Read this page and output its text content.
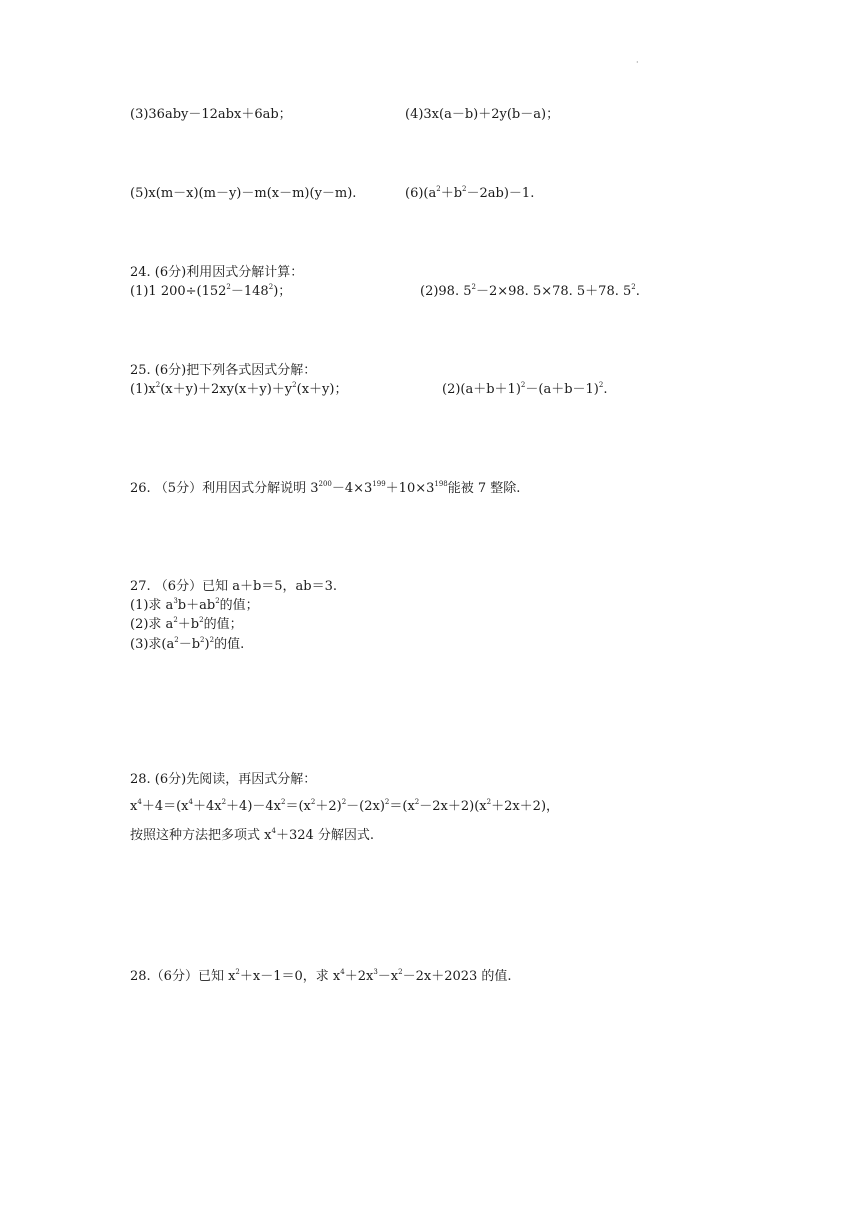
·
(3)36aby－12abx＋6ab；	(4)3x(a－b)＋2y(b－a)；
(5)x(m－x)(m－y)－m(x－m)(y－m).	$(6)(a^2+b^2-2ab)-1$.
24. (6分)利用因式分解计算：
(1)1 $200\div(152^2-148^2)$；	(2)98. $5^2-2\times 98$. 5×78. 5＋78. $5^2$.
25. (6分)把下列各式因式分解：
$(1)x^2(x+y)+2xy(x+y)+y^2(x+y)$；	$(2)(a+b+1)^2-(a+b-1)^2$.
26. （5分）利用因式分解说明 $3^{200}-4\times 3^{199}+10\times 3^{198}$能被 7 整除.
27. （6分）已知 a＋b＝5，ab＝3.
(1)求 $a^3b+ab^2$的值；
(2)求 $a^2+b^2$的值；
(3)求$(a^2-b^2)^2$的值.
28. (6分)先阅读，再因式分解：
$x^4+4=(x^4+4x^2+4)-4x^2=(x^2+2)^2-(2x)^2=(x^2-2x+2)(x^2+2x+2)$，
按照这种方法把多项式 $x^4+324$ 分解因式.
28.（6分）已知 $x^2+x-1=0$，求 $x^4+2x^3-x^2-2x+2023$ 的值.
